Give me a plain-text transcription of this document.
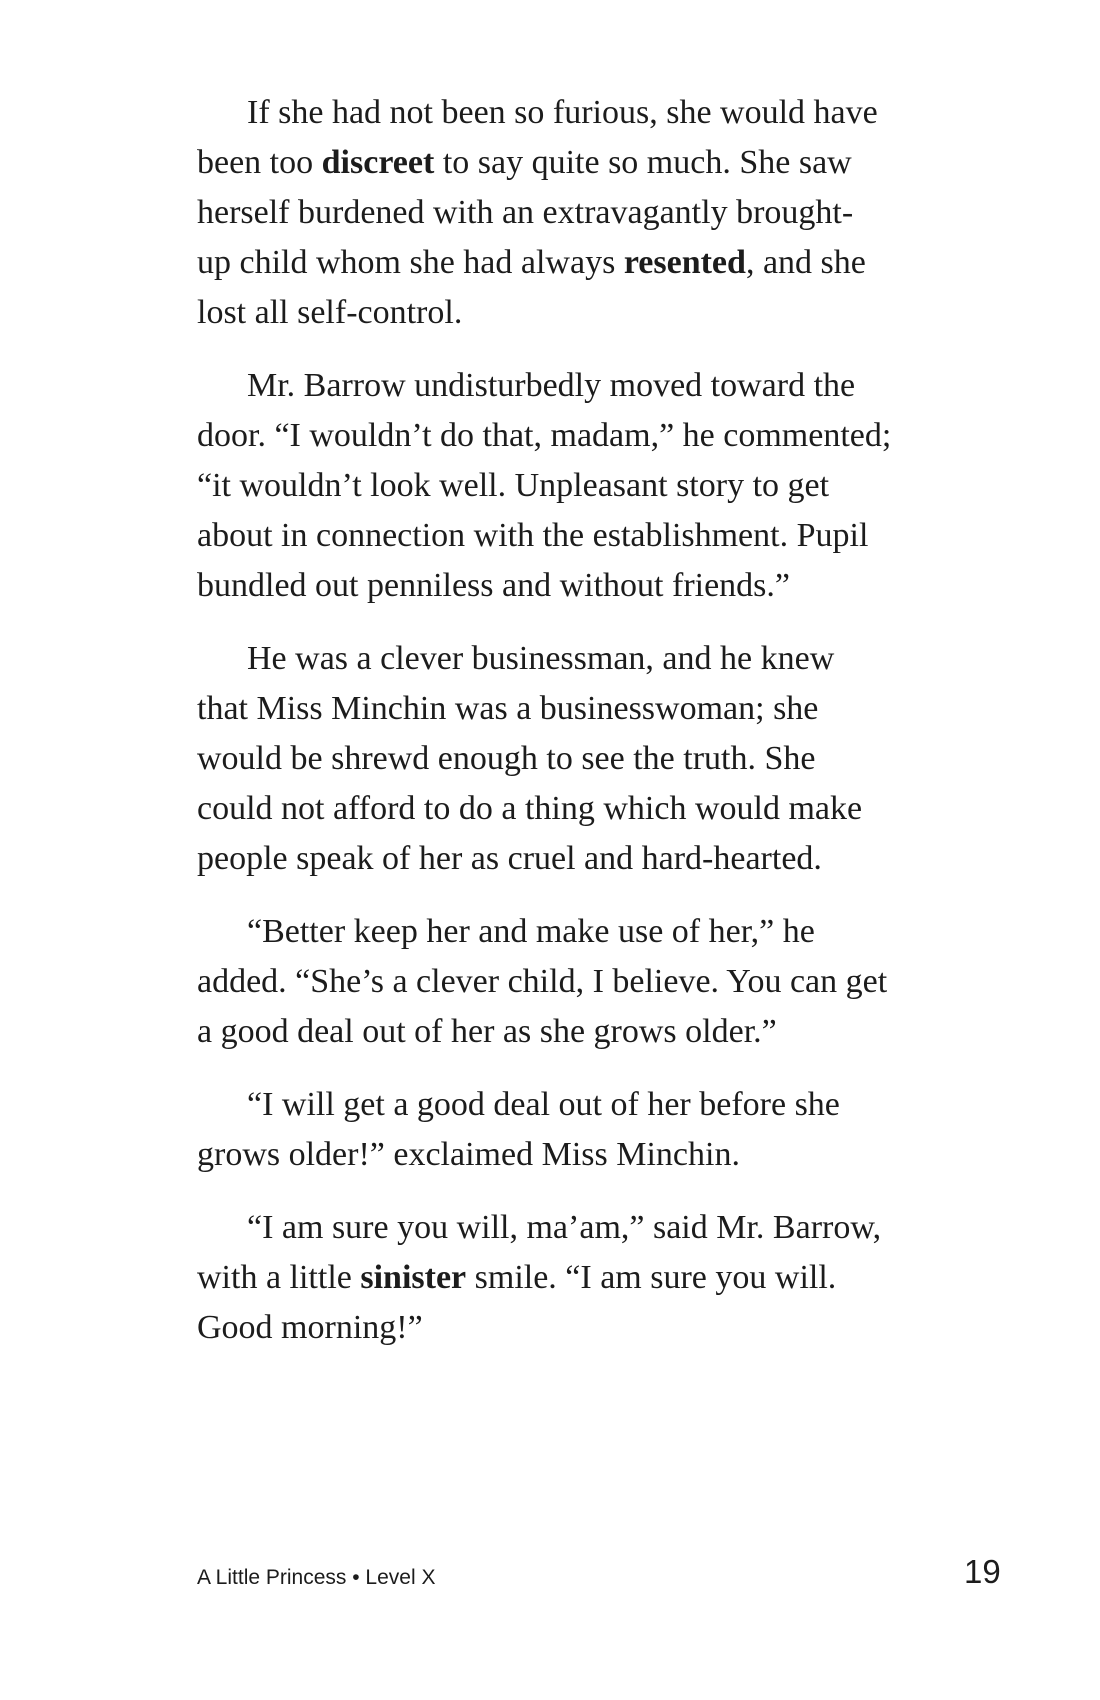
If she had not been so furious, she would have
been too discreet to say quite so much. She saw
herself burdened with an extravagantly brought-
up child whom she had always resented, and she
lost all self-control.

Mr. Barrow undisturbedly moved toward the
door. “I wouldn’t do that, madam,” he commented;
“it wouldn’t look well. Unpleasant story to get
about in connection with the establishment. Pupil
bundled out penniless and without friends.”

He was a clever businessman, and he knew
that Miss Minchin was a businesswoman; she
would be shrewd enough to see the truth. She
could not afford to do a thing which would make
people speak of her as cruel and hard-hearted.

“Better keep her and make use of her,” he
added. “She’s a clever child, I believe. You can get
a good deal out of her as she grows older.”

“I will get a good deal out of her before she
grows older!” exclaimed Miss Minchin.

“I am sure you will, ma’am,” said Mr. Barrow,
with a little sinister smile. “I am sure you will.
Good morning!”

A Little Princess • Level X	19
